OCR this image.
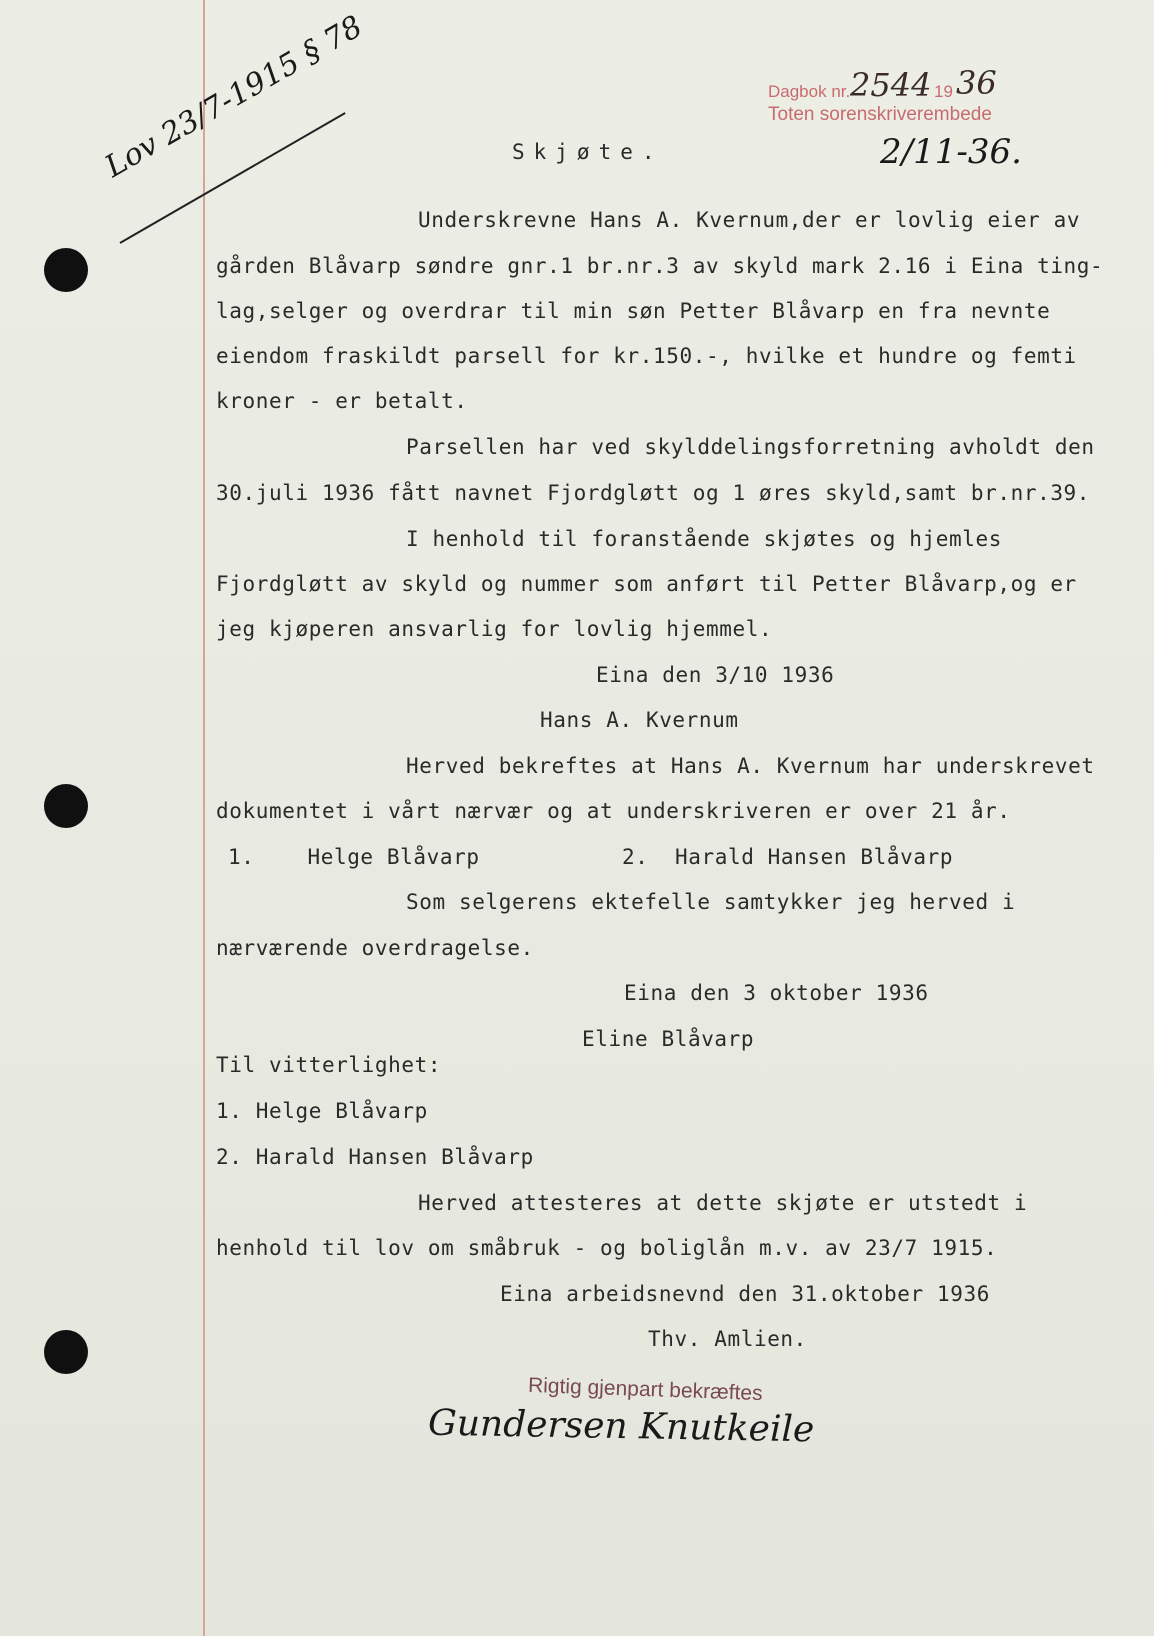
Dagbok nr. 2544 19 36
Toten sorenskriverembede
2/11-36.
Lov 23/7-1915 § 78	Skjøte.
Underskrevne Hans A. Kvernum,der er lovlig eier av
gården Blåvarp søndre gnr.1 br.nr.3 av skyld mark 2.16 i Eina ting-
lag,selger og overdrar til min søn Petter Blåvarp en fra nevnte
eiendom fraskildt parsell for kr.150.-, hvilke et hundre og femti
kroner - er betalt.
Parsellen har ved skylddelingsforretning avholdt den
30.juli 1936 fått navnet Fjordgløtt og 1 øres skyld,samt br.nr.39.
I henhold til foranstående skjøtes og hjemles
Fjordgløtt av skyld og nummer som anført til Petter Blåvarp,og er
jeg kjøperen ansvarlig for lovlig hjemmel.
Eina den 3/10 1936
Hans A. Kvernum
Herved bekreftes at Hans A. Kvernum har underskrevet
dokumentet i vårt nærvær og at underskriveren er over 21 år.
1.    Helge Blåvarp	2.  Harald Hansen Blåvarp
Som selgerens ektefelle samtykker jeg herved i
nærværende overdragelse.
Eina den 3 oktober 1936
Eline Blåvarp
Til vitterlighet:
1. Helge Blåvarp
2. Harald Hansen Blåvarp
Herved attesteres at dette skjøte er utstedt i
henhold til lov om småbruk - og boliglån m.v. av 23/7 1915.
Eina arbeidsnevnd den 31.oktober 1936
Thv. Amlien.
Rigtig gjenpart bekræftes
Gundersen Knutkeile
